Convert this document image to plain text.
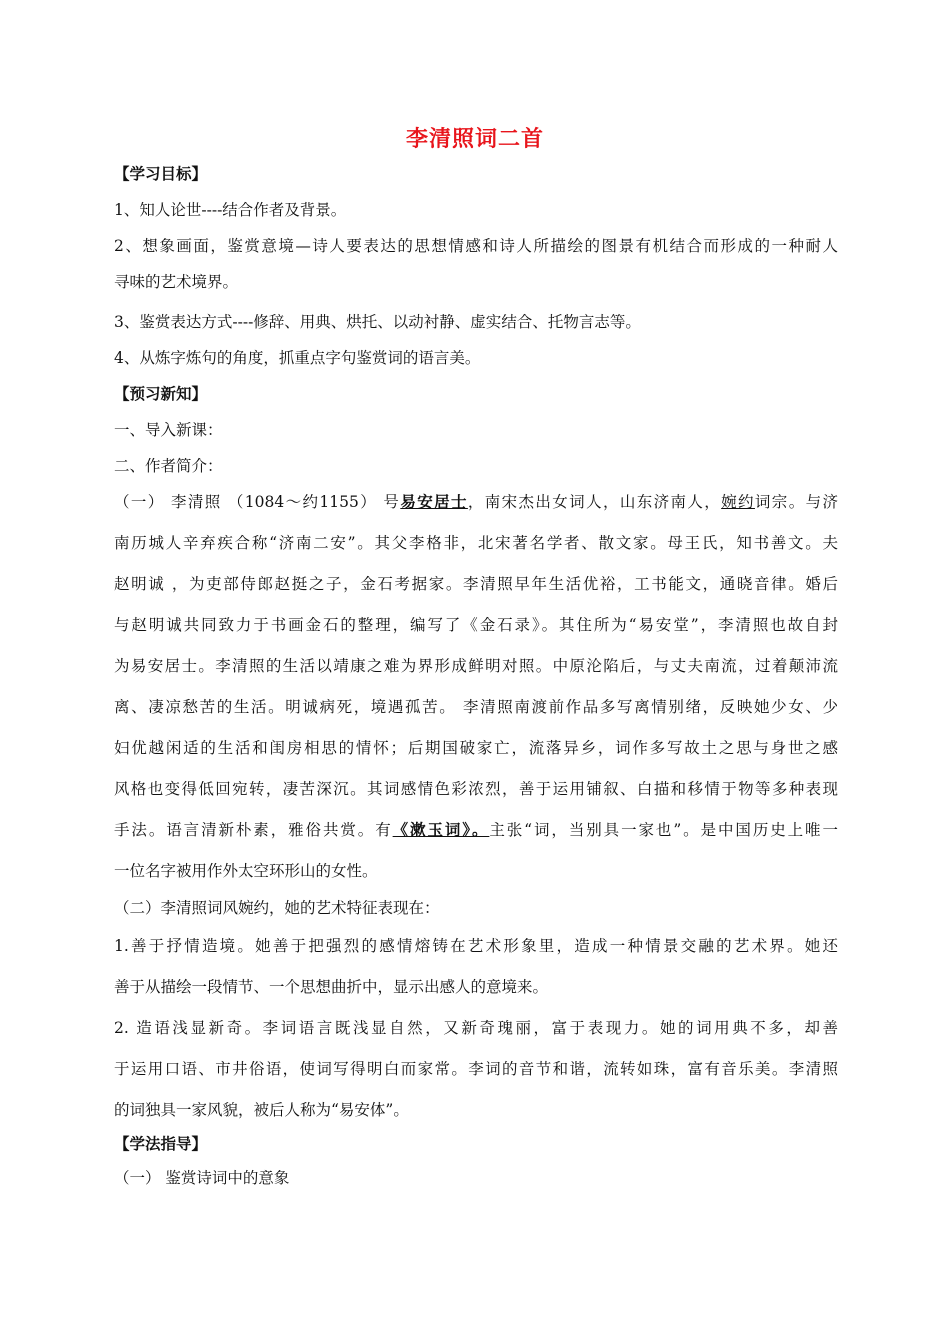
李清照词二首
【学习目标】
1、知人论世----结合作者及背景。
2、想象画面，鉴赏意境—诗人要表达的思想情感和诗人所描绘的图景有机结合而形成的一种耐人
寻味的艺术境界。
3、鉴赏表达方式----修辞、用典、烘托、以动衬静、虚实结合、托物言志等。
4、从炼字炼句的角度，抓重点字句鉴赏词的语言美。
【预习新知】
一、导入新课：
二、作者简介：
（一） 李清照 （1084～约1155） 号易安居士，南宋杰出女词人，山东济南人，婉约词宗。与济
南历城人辛弃疾合称“济南二安”。其父李格非，北宋著名学者、散文家。母王氏，知书善文。夫
赵明诚 ，为吏部侍郎赵挺之子，金石考据家。李清照早年生活优裕，工书能文，通晓音律。婚后
与赵明诚共同致力于书画金石的整理，编写了《金石录》。其住所为“易安堂”，李清照也故自封
为易安居士。李清照的生活以靖康之难为界形成鲜明对照。中原沦陷后，与丈夫南流，过着颠沛流
离、凄凉愁苦的生活。明诚病死，境遇孤苦。 李清照南渡前作品多写离情别绪，反映她少女、少
妇优越闲适的生活和闺房相思的情怀；后期国破家亡，流落异乡，词作多写故土之思与身世之感
风格也变得低回宛转，凄苦深沉。其词感情色彩浓烈，善于运用铺叙、白描和移情于物等多种表现
手法。语言清新朴素，雅俗共赏。有《漱玉词》。主张“词，当别具一家也”。是中国历史上唯一
一位名字被用作外太空环形山的女性。
（二）李清照词风婉约，她的艺术特征表现在：
1.善于抒情造境。她善于把强烈的感情熔铸在艺术形象里，造成一种情景交融的艺术界。她还
善于从描绘一段情节、一个思想曲折中，显示出感人的意境来。
2. 造语浅显新奇。李词语言既浅显自然，又新奇瑰丽，富于表现力。她的词用典不多，却善
于运用口语、市井俗语，使词写得明白而家常。李词的音节和谐，流转如珠，富有音乐美。李清照
的词独具一家风貌，被后人称为“易安体”。
【学法指导】
（一） 鉴赏诗词中的意象
